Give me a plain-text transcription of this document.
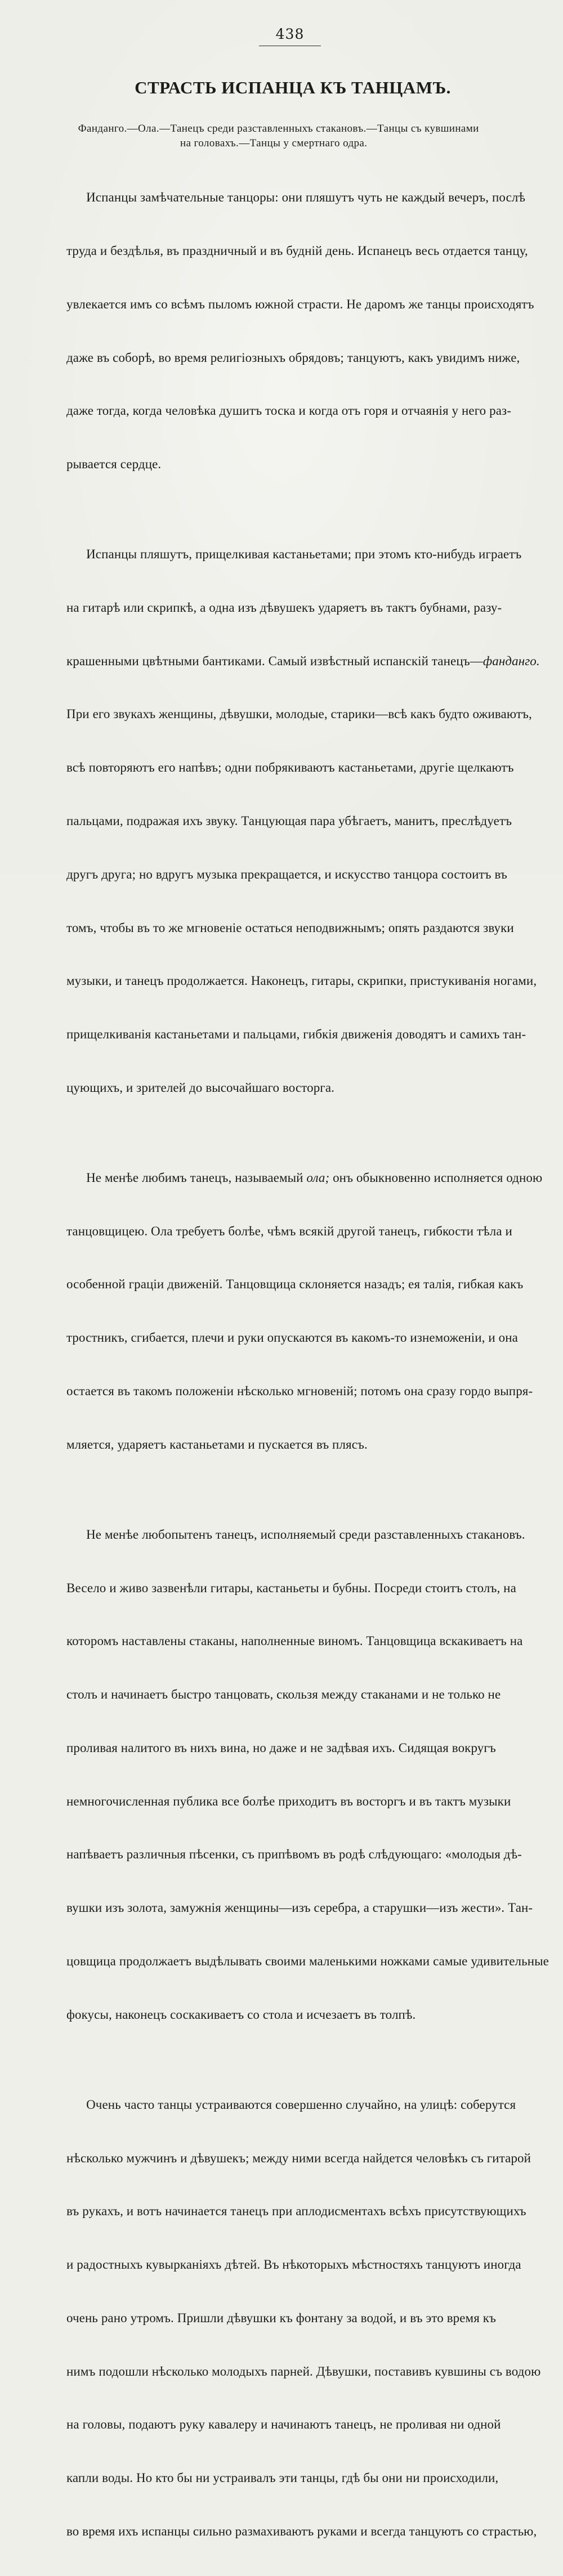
438
СТРАСТЬ ИСПАНЦА КЪ ТАНЦАМЪ.

Фанданго.—Ола.—Танецъ среди разставленныхъ стакановъ.—Танцы съ кувшинами
на головахъ.—Танцы у смертнаго одра.

Испанцы замѣчательные танцоры: они пляшутъ чуть не каждый вечеръ, послѣ

труда и бездѣлья, въ праздничный и въ будній день. Испанецъ весь отдается танцу,

увлекается имъ со всѣмъ пыломъ южной страсти. Не даромъ же танцы происходятъ

даже въ соборѣ, во время религіозныхъ обрядовъ; танцуютъ, какъ увидимъ ниже,

даже тогда, когда человѣка душитъ тоска и когда отъ горя и отчаянія у него раз-

рывается сердце.

Испанцы пляшутъ, прищелкивая кастаньетами; при этомъ кто-нибудь играетъ

на гитарѣ или скрипкѣ, а одна изъ дѣвушекъ ударяетъ въ тактъ бубнами, разу-

крашенными цвѣтными бантиками. Самый извѣстный испанскій танецъ—фанданго.

При его звукахъ женщины, дѣвушки, молодые, старики—всѣ какъ будто оживаютъ,

всѣ повторяютъ его напѣвъ; одни побрякиваютъ кастаньетами, другіе щелкаютъ

пальцами, подражая ихъ звуку. Танцующая пара убѣгаетъ, манитъ, преслѣдуетъ

другъ друга; но вдругъ музыка прекращается, и искусство танцора состоитъ въ

томъ, чтобы въ то же мгновеніе остаться неподвижнымъ; опять раздаются звуки

музыки, и танецъ продолжается. Наконецъ, гитары, скрипки, пристукиванія ногами,

прищелкиванія кастаньетами и пальцами, гибкія движенія доводятъ и самихъ тан-

цующихъ, и зрителей до высочайшаго восторга.

Не менѣе любимъ танецъ, называемый ола; онъ обыкновенно исполняется одною

танцовщицею. Ола требуетъ болѣе, чѣмъ всякій другой танецъ, гибкости тѣла и

особенной граціи движеній. Танцовщица склоняется назадъ; ея талія, гибкая какъ

тростникъ, сгибается, плечи и руки опускаются въ какомъ-то изнеможеніи, и она

остается въ такомъ положеніи нѣсколько мгновеній; потомъ она сразу гордо выпря-

мляется, ударяетъ кастаньетами и пускается въ плясъ.

Не менѣе любопытенъ танецъ, исполняемый среди разставленныхъ стакановъ.

Весело и живо зазвенѣли гитары, кастаньеты и бубны. Посреди стоитъ столъ, на

которомъ наставлены стаканы, наполненные виномъ. Танцовщица вскакиваетъ на

столъ и начинаетъ быстро танцовать, скользя между стаканами и не только не

проливая налитого въ нихъ вина, но даже и не задѣвая ихъ. Сидящая вокругъ

немногочисленная публика все болѣе приходитъ въ восторгъ и въ тактъ музыки

напѣваетъ различныя пѣсенки, съ припѣвомъ въ родѣ слѣдующаго: «молодыя дѣ-

вушки изъ золота, замужнія женщины—изъ серебра, а старушки—изъ жести». Тан-

цовщица продолжаетъ выдѣлывать своими маленькими ножками самые удивительные

фокусы, наконецъ соскакиваетъ со стола и исчезаетъ въ толпѣ.

Очень часто танцы устраиваются совершенно случайно, на улицѣ: соберутся

нѣсколько мужчинъ и дѣвушекъ; между ними всегда найдется человѣкъ съ гитарой

въ рукахъ, и вотъ начинается танецъ при аплодисментахъ всѣхъ присутствующихъ

и радостныхъ кувырканіяхъ дѣтей. Въ нѣкоторыхъ мѣстностяхъ танцуютъ иногда

очень рано утромъ. Пришли дѣвушки къ фонтану за водой, и въ это время къ

нимъ подошли нѣсколько молодыхъ парней. Дѣвушки, поставивъ кувшины съ водою

на головы, подаютъ руку кавалеру и начинаютъ танецъ, не проливая ни одной

капли воды. Но кто бы ни устраивалъ эти танцы, гдѣ бы они ни происходили,

во время ихъ испанцы сильно размахиваютъ руками и всегда танцуютъ со страстью,
